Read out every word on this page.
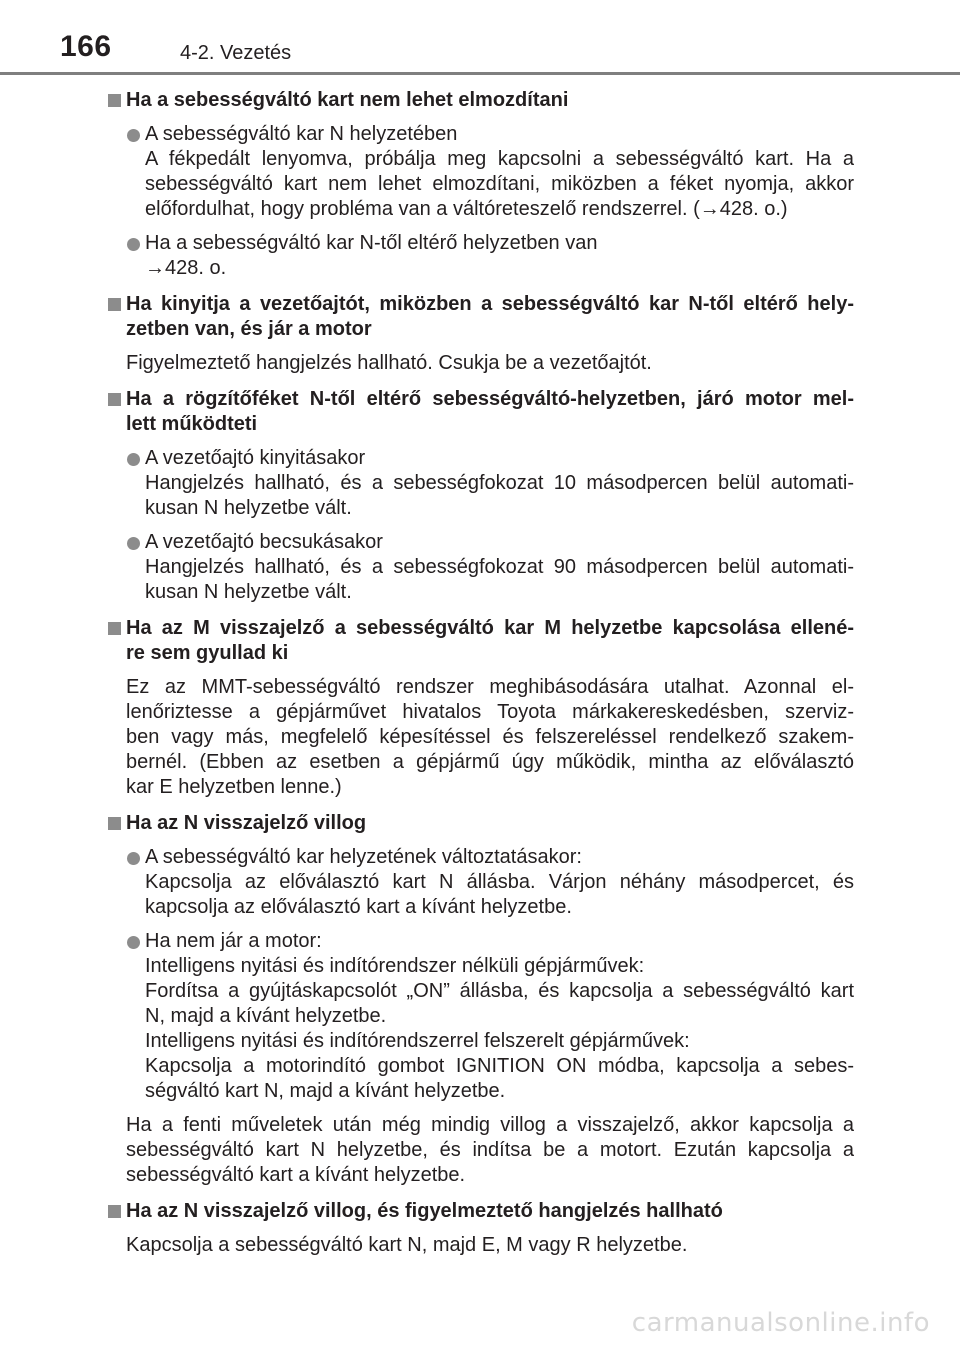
166	4-2. Vezetés
Ha a sebességváltó kart nem lehet elmozdítani
A sebességváltó kar N helyzetében
A fékpedált lenyomva, próbálja meg kapcsolni a sebességváltó kart. Ha a
sebességváltó kart nem lehet elmozdítani, miközben a féket nyomja, akkor
előfordulhat, hogy probléma van a váltóreteszelő rendszerrel. (→428. o.)
Ha a sebességváltó kar N-től eltérő helyzetben van
→428. o.
Ha kinyitja a vezetőajtót, miközben a sebességváltó kar N-től eltérő hely-
zetben van, és jár a motor
Figyelmeztető hangjelzés hallható. Csukja be a vezetőajtót.
Ha a rögzítőféket N-től eltérő sebességváltó-helyzetben, járó motor mel-
lett működteti
A vezetőajtó kinyitásakor
Hangjelzés hallható, és a sebességfokozat 10 másodpercen belül automati-
kusan N helyzetbe vált.
A vezetőajtó becsukásakor
Hangjelzés hallható, és a sebességfokozat 90 másodpercen belül automati-
kusan N helyzetbe vált.
Ha az M visszajelző a sebességváltó kar M helyzetbe kapcsolása ellené-
re sem gyullad ki
Ez az MMT-sebességváltó rendszer meghibásodására utalhat. Azonnal el-
lenőriztesse a gépjárművet hivatalos Toyota márkakereskedésben, szerviz-
ben vagy más, megfelelő képesítéssel és felszereléssel rendelkező szakem-
bernél. (Ebben az esetben a gépjármű úgy működik, mintha az előválasztó
kar E helyzetben lenne.)
Ha az N visszajelző villog
A sebességváltó kar helyzetének változtatásakor:
Kapcsolja az előválasztó kart N állásba. Várjon néhány másodpercet, és
kapcsolja az előválasztó kart a kívánt helyzetbe.
Ha nem jár a motor:
Intelligens nyitási és indítórendszer nélküli gépjárművek:
Fordítsa a gyújtáskapcsolót „ON” állásba, és kapcsolja a sebességváltó kart
N, majd a kívánt helyzetbe.
Intelligens nyitási és indítórendszerrel felszerelt gépjárművek:
Kapcsolja a motorindító gombot IGNITION ON módba, kapcsolja a sebes-
ségváltó kart N, majd a kívánt helyzetbe.
Ha a fenti műveletek után még mindig villog a visszajelző, akkor kapcsolja a
sebességváltó kart N helyzetbe, és indítsa be a motort. Ezután kapcsolja a
sebességváltó kart a kívánt helyzetbe.
Ha az N visszajelző villog, és figyelmeztető hangjelzés hallható
Kapcsolja a sebességváltó kart N, majd E, M vagy R helyzetbe.
carmanualsonline.info
